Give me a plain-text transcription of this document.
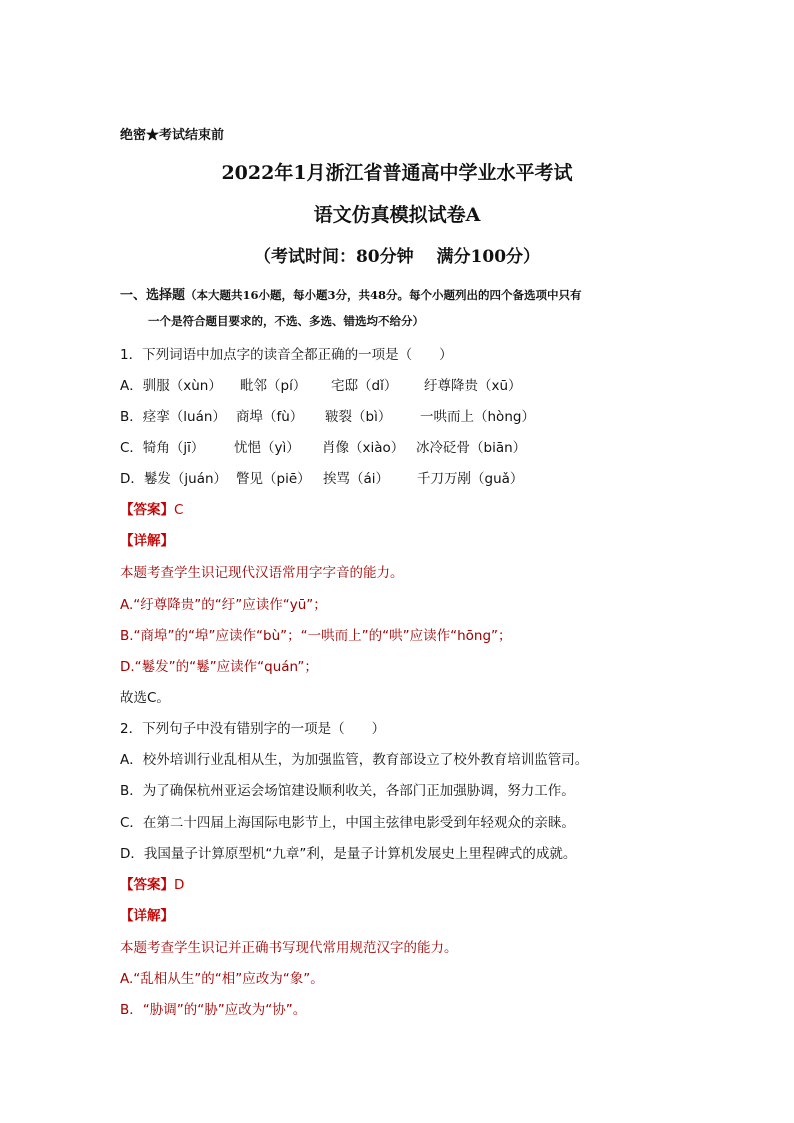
绝密★考试结束前
2022年1月浙江省普通高中学业水平考试
语文仿真模拟试卷A
（考试时间：80分钟　 满分100分）
一、选择题（本大题共16小题，每小题3分，共48分。每个小题列出的四个备选项中只有
一个是符合题目要求的，不选、多选、错选均不给分）
1．下列词语中加点字的读音全都正确的一项是（　　）
A．驯服（xùn） 毗邻（pí） 宅邸（dǐ） 纡尊降贵（xū）
B．痉挛（luán） 商埠（fù） 皲裂（bì） 一哄而上（hòng）
C．犄角（jī） 忧悒（yì） 肖像（xiào） 冰冷砭骨（biān）
D．鬈发（juán） 瞥见（piē） 挨骂（ái） 千刀万剐（guǎ）
【答案】C
【详解】
本题考查学生识记现代汉语常用字字音的能力。
A.“纡尊降贵”的“纡”应读作“yū”；
B.“商埠”的“埠”应读作“bù”；“一哄而上”的“哄”应读作“hōng”；
D.“鬈发”的“鬈”应读作“quán”；
故选C。
2．下列句子中没有错别字的一项是（　　）
A．校外培训行业乱相从生，为加强监管，教育部设立了校外教育培训监管司。
B．为了确保杭州亚运会场馆建设顺利收关，各部门正加强胁调，努力工作。
C．在第二十四届上海国际电影节上，中国主弦律电影受到年轻观众的亲睐。
D．我国量子计算原型机“九章”利，是量子计算机发展史上里程碑式的成就。
【答案】D
【详解】
本题考查学生识记并正确书写现代常用规范汉字的能力。
A.“乱相从生”的“相”应改为“象”。
B．“胁调”的“胁”应改为“协”。
